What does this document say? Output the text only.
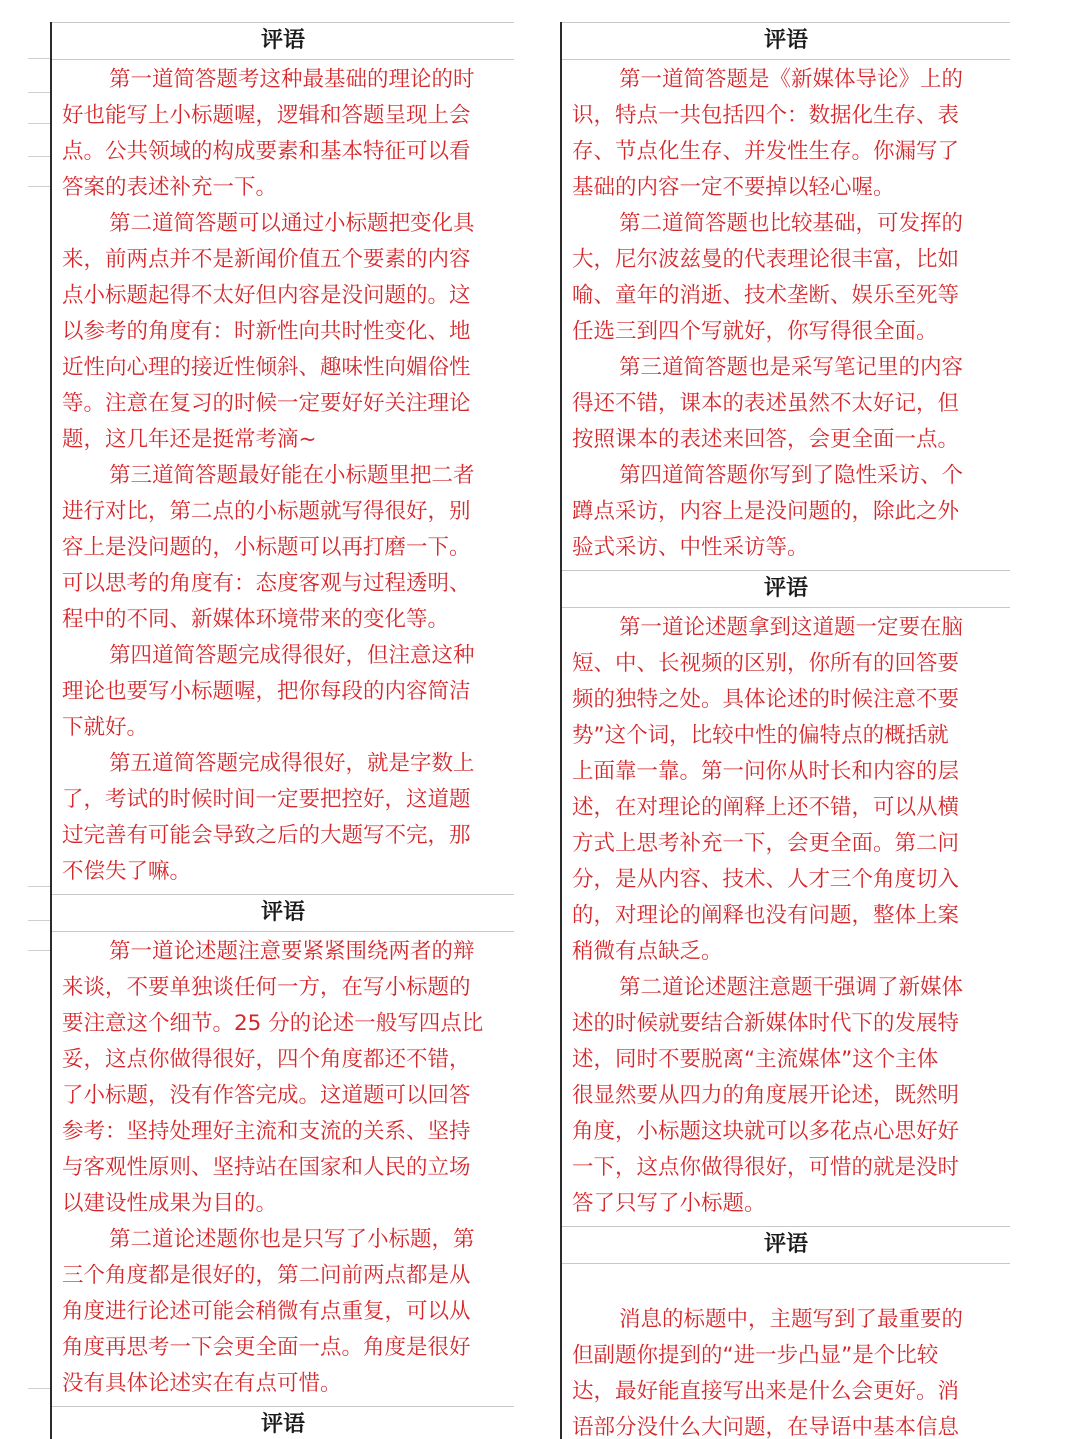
评语
第一道简答题考这种最基础的理论的时
好也能写上小标题喔，逻辑和答题呈现上会
点。公共领域的构成要素和基本特征可以看
答案的表述补充一下。
第二道简答题可以通过小标题把变化具
来，前两点并不是新闻价值五个要素的内容
点小标题起得不太好但内容是没问题的。这
以参考的角度有：时新性向共时性变化、地
近性向心理的接近性倾斜、趣味性向媚俗性
等。注意在复习的时候一定要好好关注理论
题，这几年还是挺常考滴~
第三道简答题最好能在小标题里把二者
进行对比，第二点的小标题就写得很好，别
容上是没问题的，小标题可以再打磨一下。
可以思考的角度有：态度客观与过程透明、
程中的不同、新媒体环境带来的变化等。
第四道简答题完成得很好，但注意这种
理论也要写小标题喔，把你每段的内容简洁
下就好。
第五道简答题完成得很好，就是字数上
了，考试的时候时间一定要把控好，这道题
过完善有可能会导致之后的大题写不完，那
不偿失了嘛。
评语
第一道论述题注意要紧紧围绕两者的辩
来谈，不要单独谈任何一方，在写小标题的
要注意这个细节。25 分的论述一般写四点比
妥，这点你做得很好，四个角度都还不错，
了小标题，没有作答完成。这道题可以回答
参考：坚持处理好主流和支流的关系、坚持
与客观性原则、坚持站在国家和人民的立场
以建设性成果为目的。
第二道论述题你也是只写了小标题，第
三个角度都是很好的，第二问前两点都是从
角度进行论述可能会稍微有点重复，可以从
角度再思考一下会更全面一点。角度是很好
没有具体论述实在有点可惜。
评语
评语
第一道简答题是《新媒体导论》上的
识，特点一共包括四个：数据化生存、表
存、节点化生存、并发性生存。你漏写了
基础的内容一定不要掉以轻心喔。
第二道简答题也比较基础，可发挥的
大，尼尔波兹曼的代表理论很丰富，比如
喻、童年的消逝、技术垄断、娱乐至死等
任选三到四个写就好，你写得很全面。
第三道简答题也是采写笔记里的内容
得还不错，课本的表述虽然不太好记，但
按照课本的表述来回答，会更全面一点。
第四道简答题你写到了隐性采访、个
蹲点采访，内容上是没问题的，除此之外
验式采访、中性采访等。
评语
第一道论述题拿到这道题一定要在脑
短、中、长视频的区别，你所有的回答要
频的独特之处。具体论述的时候注意不要
势”这个词，比较中性的偏特点的概括就
上面靠一靠。第一问你从时长和内容的层
述，在对理论的阐释上还不错，可以从横
方式上思考补充一下，会更全面。第二问
分，是从内容、技术、人才三个角度切入
的，对理论的阐释也没有问题，整体上案
稍微有点缺乏。
第二道论述题注意题干强调了新媒体
述的时候就要结合新媒体时代下的发展特
述，同时不要脱离“主流媒体”这个主体
很显然要从四力的角度展开论述，既然明
角度，小标题这块就可以多花点心思好好
一下，这点你做得很好，可惜的就是没时
答了只写了小标题。
评语
消息的标题中，主题写到了最重要的
但副题你提到的“进一步凸显”是个比较
达，最好能直接写出来是什么会更好。消
语部分没什么大问题，在导语中基本信息
